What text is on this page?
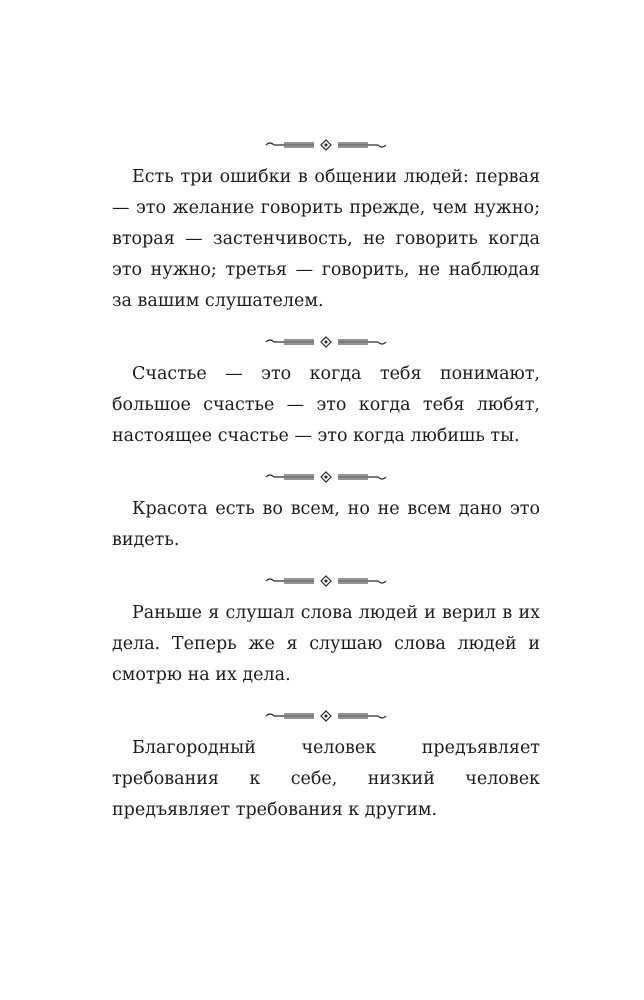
Есть три ошибки в общении людей: первая — это желание говорить прежде, чем нужно; вторая — застенчивость, не говорить когда это нужно; третья — говорить, не наблюдая за вашим слушателем.

Счастье — это когда тебя понимают, большое счастье — это когда тебя любят, настоящее счастье — это когда любишь ты.

Красота есть во всем, но не всем дано это видеть.

Раньше я слушал слова людей и верил в их дела. Теперь же я слушаю слова людей и смотрю на их дела.

Благородный человек предъявляет требования к себе, низкий человек предъявляет требования к другим.
